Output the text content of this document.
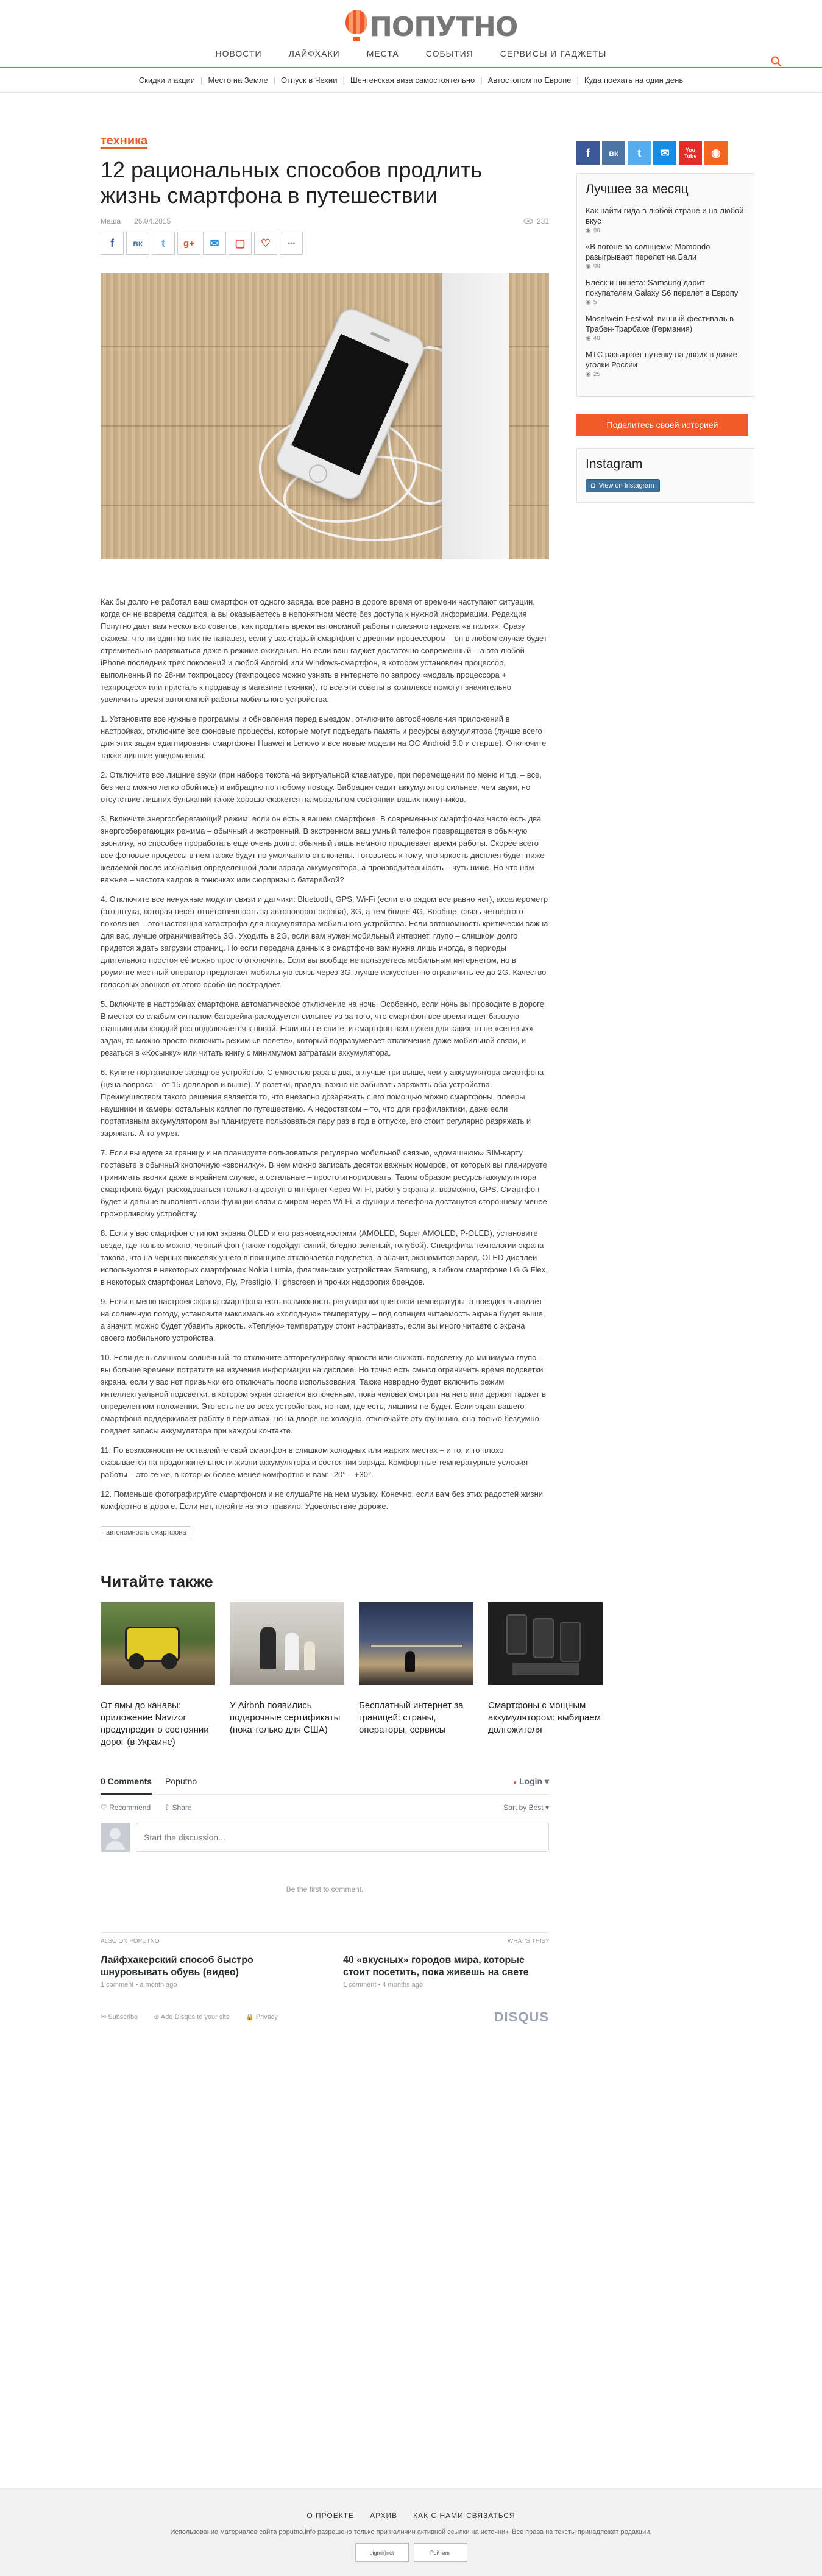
ПОПУТНО
НОВОСТИ	ЛАЙФХАКИ	МЕСТА	СОБЫТИЯ	СЕРВИСЫ И ГАДЖЕТЫ
Скидки и акции | Место на Земле | Отпуск в Чехии | Шенгенская виза самостоятельно | Автостопом по Европе | Куда поехать на один день
техника
12 рациональных способов продлить жизнь смартфона в путешествии
Маша 26.04.2015	231
f	вк	t	g+	✉	▢	♡	•••

Как бы долго не работал ваш смартфон от одного заряда, все равно в дороге время от времени наступают ситуации, когда он не вовремя садится, а вы оказываетесь в непонятном месте без доступа к нужной информации. Редакция Попутно дает вам несколько советов, как продлить время автономной работы полезного гаджета «в полях». Сразу скажем, что ни один из них не панацея, если у вас старый смартфон с древним процессором – он в любом случае будет стремительно разряжаться даже в режиме ожидания. Но если ваш гаджет достаточно современный – а это любой iPhone последних трех поколений и любой Android или Windows-смартфон, в котором установлен процессор, выполненный по 28-нм техпроцессу (техпроцесс можно узнать в интернете по запросу «модель процессора + техпроцесс» или пристать к продавцу в магазине техники), то все эти советы в комплексе помогут значительно увеличить время автономной работы мобильного устройства.

1. Установите все нужные программы и обновления перед выездом, отключите автообновления приложений в настройках, отключите все фоновые процессы, которые могут подъедать память и ресурсы аккумулятора (лучше всего для этих задач адаптированы смартфоны Huawei и Lenovo и все новые модели на ОС Android 5.0 и старше). Отключите также лишние уведомления.

2. Отключите все лишние звуки (при наборе текста на виртуальной клавиатуре, при перемещении по меню и т.д. – все, без чего можно легко обойтись) и вибрацию по любому поводу. Вибрация садит аккумулятор сильнее, чем звуки, но отсутствие лишних бульканий также хорошо скажется на моральном состоянии ваших попутчиков.

3. Включите энергосберегающий режим, если он есть в вашем смартфоне. В современных смартфонах часто есть два энергосберегающих режима – обычный и экстренный. В экстренном ваш умный телефон превращается в обычную звонилку, но способен проработать еще очень долго, обычный лишь немного продлевает время работы. Скорее всего все фоновые процессы в нем также будут по умолчанию отключены. Готовьтесь к тому, что яркость дисплея будет ниже желаемой после исскаения определенной доли заряда аккумулятора, а производительность – чуть ниже. Но что нам важнее – частота кадров в гонючках или сюрпризы с батарейкой?

4. Отключите все ненужные модули связи и датчики: Bluetooth, GPS, Wi-Fi (если его рядом все равно нет), акселерометр (это штука, которая несет ответственность за автоповорот экрана), 3G, а тем более 4G. Вообще, связь четвертого поколения – это настоящая катастрофа для аккумулятора мобильного устройства. Если автономность критически важна для вас, лучше ограничивайтесь 3G. Уходить в 2G, если вам нужен мобильный интернет, глупо – слишком долго придется ждать загрузки страниц. Но если передача данных в смартфоне вам нужна лишь иногда, в периоды длительного простоя её можно просто отключить. Если вы вообще не пользуетесь мобильным интернетом, но в роуминге местный оператор предлагает мобильную связь через 3G, лучше искусственно ограничить ее до 2G. Качество голосовых звонков от этого особо не пострадает.

5. Включите в настройках смартфона автоматическое отключение на ночь. Особенно, если ночь вы проводите в дороге. В местах со слабым сигналом батарейка расходуется сильнее из-за того, что смартфон все время ищет базовую станцию или каждый раз подключается к новой. Если вы не спите, и смартфон вам нужен для каких-то не «сетевых» задач, то можно просто включить режим «в полете», который подразумевает отключение даже мобильной связи, и резаться в «Косынку» или читать книгу с минимумом затратами аккумулятора.

6. Купите портативное зарядное устройство. С емкостью раза в два, а лучше три выше, чем у аккумулятора смартфона (цена вопроса – от 15 долларов и выше). У розетки, правда, важно не забывать заряжать оба устройства. Преимуществом такого решения является то, что внезапно дозаряжать с его помощью можно смартфоны, плееры, наушники и камеры остальных коллег по путешествию. А недостатком – то, что для профилактики, даже если портативным аккумулятором вы планируете пользоваться пару раз в год в отпуске, его стоит регулярно разряжать и заряжать. А то умрет.

7. Если вы едете за границу и не планируете пользоваться регулярно мобильной связью, «домашнюю» SIM-карту поставьте в обычный кнопочную «звонилку». В нем можно записать десяток важных номеров, от которых вы планируете принимать звонки даже в крайнем случае, а остальные – просто игнорировать. Таким образом ресурсы аккумулятора смартфона будут расходоваться только на доступ в интернет через Wi-Fi, работу экрана и, возможно, GPS. Смартфон будет и дальше выполнять свои функции связи с миром через Wi-Fi, а функции телефона достанутся стороннему менее прожорливому устройству.

8. Если у вас смартфон с типом экрана OLED и его разновидностями (AMOLED, Super AMOLED, P-OLED), установите везде, где только можно, черный фон (также подойдут синий, бледно-зеленый, голубой). Специфика технологии экрана такова, что на черных пикселях у него в принципе отключается подсветка, а значит, экономится заряд. OLED-дисплеи используются в некоторых смартфонах Nokia Lumia, флагманских устройствах Samsung, в гибком смартфоне LG G Flex, в некоторых смартфонах Lenovo, Fly, Prestigio, Highscreen и прочих недорогих брендов.

9. Если в меню настроек экрана смартфона есть возможность регулировки цветовой температуры, а поездка выпадает на солнечную погоду, установите максимально «холодную» температуру – под солнцем читаемость экрана будет выше, а значит, можно будет убавить яркость. «Теплую» температуру стоит настраивать, если вы много читаете с экрана своего мобильного устройства.

10. Если день слишком солнечный, то отключите авторегулировку яркости или снижать подсветку до минимума глупо – вы больше времени потратите на изучение информации на дисплее. Но точно есть смысл ограничить время подсветки экрана, если у вас нет привычки его отключать после использования. Также невредно будет включить режим интеллектуальной подсветки, в котором экран остается включенным, пока человек смотрит на него или держит гаджет в определенном положении. Это есть не во всех устройствах, но там, где есть, лишним не будет. Если экран вашего смартфона поддерживает работу в перчатках, но на дворе не холодно, отключайте эту функцию, она только бездумно поедает запасы аккумулятора при каждом контакте.

11. По возможности не оставляйте свой смартфон в слишком холодных или жарких местах – и то, и то плохо сказывается на продолжительности жизни аккумулятора и состоянии заряда. Комфортные температурные условия работы – это те же, в которых более-менее комфортно и вам: -20° – +30°.

12. Поменьше фотографируйте смартфоном и не слушайте на нем музыку. Конечно, если вам без этих радостей жизни комфортно в дороге. Если нет, плюйте на это правило. Удовольствие дороже.

автономность смартфона
Читайте также
От ямы до канавы: приложение Navizor предупредит о состоянии дорог (в Украине)
У Airbnb появились подарочные сертификаты (пока только для США)
Бесплатный интернет за границей: страны, операторы, сервисы
Смартфоны с мощным аккумулятором: выбираем долгожителя
0 Comments Poputno	● Login ▾
♡ Recommend ⇧ Share	Sort by Best ▾
Start the discussion...
Be the first to comment.
ALSO ON POPUTNO	WHAT'S THIS?
Лайфхакерский способ быстро шнуровывать обувь (видео)
1 comment • a month ago
40 «вкусных» городов мира, которые стоит посетить, пока живешь на свете
1 comment • 4 months ago
✉ Subscribe ⊕ Add Disqus to your site 🔒 Privacy	DISQUS
f	вк	t	✉	You Tube	◉
Лучшее за месяц
Как найти гида в любой стране и на любой вкус
◉ 90
«В погоне за солнцем»: Momondo разыгрывает перелет на Бали
◉ 99
Блеск и нищета: Samsung дарит покупателям Galaxy S6 перелет в Европу
◉ 5
Mosel​wein-Festival: винный фестиваль в Трабен-Трарбахе (Германия)
◉ 40
МТС разыграет путевку на двоих в дикие уголки России
◉ 25
Поделитесь своей историей
Instagram
◘ View on Instagram
О ПРОЕКТЕ АРХИВ КАК С НАМИ СВЯЗАТЬСЯ
Использование материалов сайта poputno.info разрешено только при наличии активной ссылки на источник. Все права на тексты принадлежат редакции.
bigmir)net	Рейтинг
